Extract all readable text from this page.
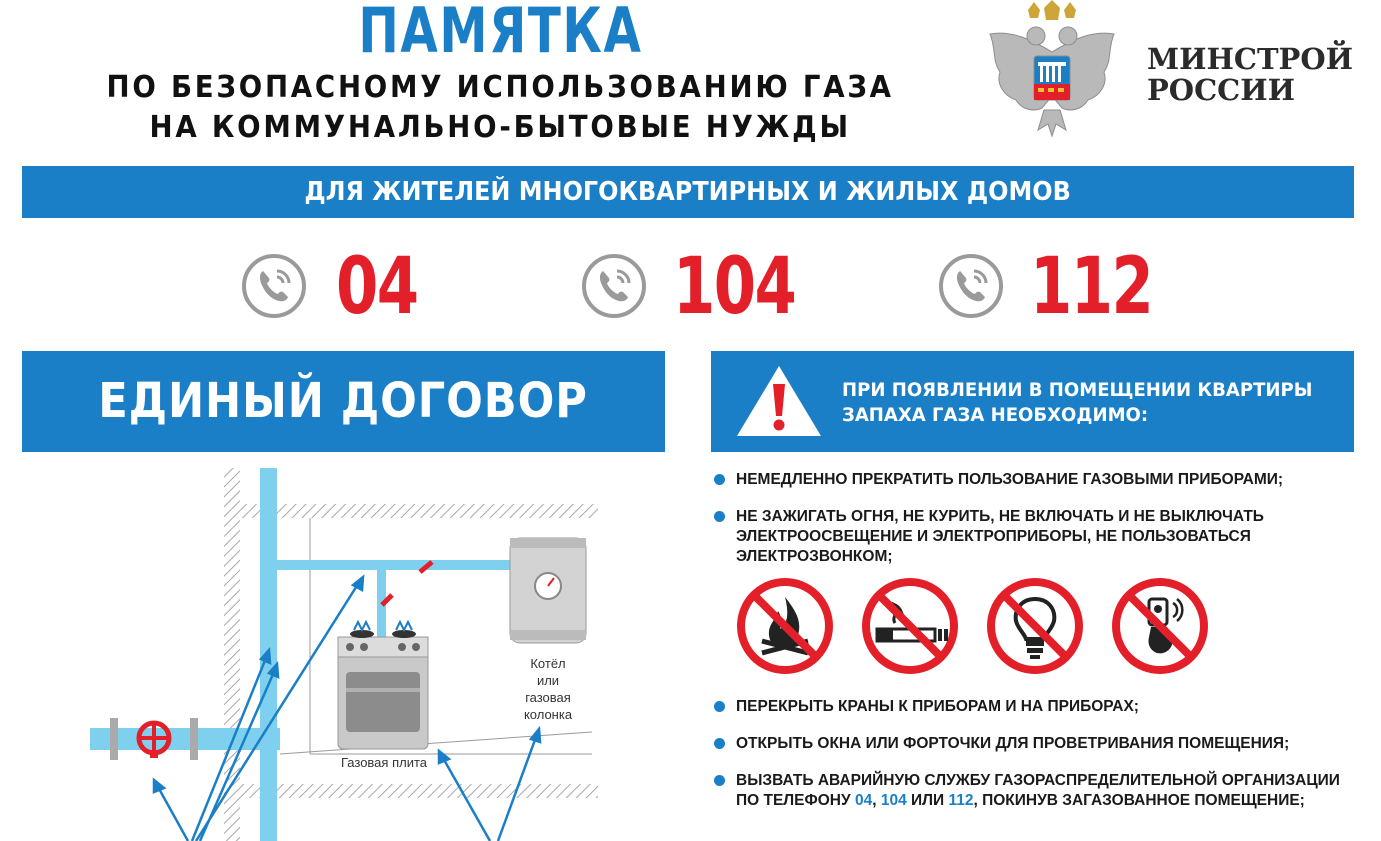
ПАМЯТКА
ПО БЕЗОПАСНОМУ ИСПОЛЬЗОВАНИЮ ГАЗА
НА КОММУНАЛЬНО-БЫТОВЫЕ НУЖДЫ
МИНСТРОЙ
РОССИИ
ДЛЯ ЖИТЕЛЕЙ МНОГОКВАРТИРНЫХ И ЖИЛЫХ ДОМОВ
04	104	112
ЕДИНЫЙ ДОГОВОР
Котёл
или
газовая
колонка
Газовая плита
ПРИ ПОЯВЛЕНИИ В ПОМЕЩЕНИИ КВАРТИРЫ
ЗАПАХА ГАЗА НЕОБХОДИМО:
НЕМЕДЛЕННО ПРЕКРАТИТЬ ПОЛЬЗОВАНИЕ ГАЗОВЫМИ ПРИБОРАМИ;
НЕ ЗАЖИГАТЬ ОГНЯ, НЕ КУРИТЬ, НЕ ВКЛЮЧАТЬ И НЕ ВЫКЛЮЧАТЬ ЭЛЕКТРООСВЕЩЕНИЕ И ЭЛЕКТРОПРИБОРЫ, НЕ ПОЛЬЗОВАТЬСЯ ЭЛЕКТРОЗВОНКОМ;
ПЕРЕКРЫТЬ КРАНЫ К ПРИБОРАМ И НА ПРИБОРАХ;
ОТКРЫТЬ ОКНА ИЛИ ФОРТОЧКИ ДЛЯ ПРОВЕТРИВАНИЯ ПОМЕЩЕНИЯ;
ВЫЗВАТЬ АВАРИЙНУЮ СЛУЖБУ ГАЗОРАСПРЕДЕЛИТЕЛЬНОЙ ОРГАНИЗАЦИИ ПО ТЕЛЕФОНУ 04, 104 ИЛИ 112, ПОКИНУВ ЗАГАЗОВАННОЕ ПОМЕЩЕНИЕ;
